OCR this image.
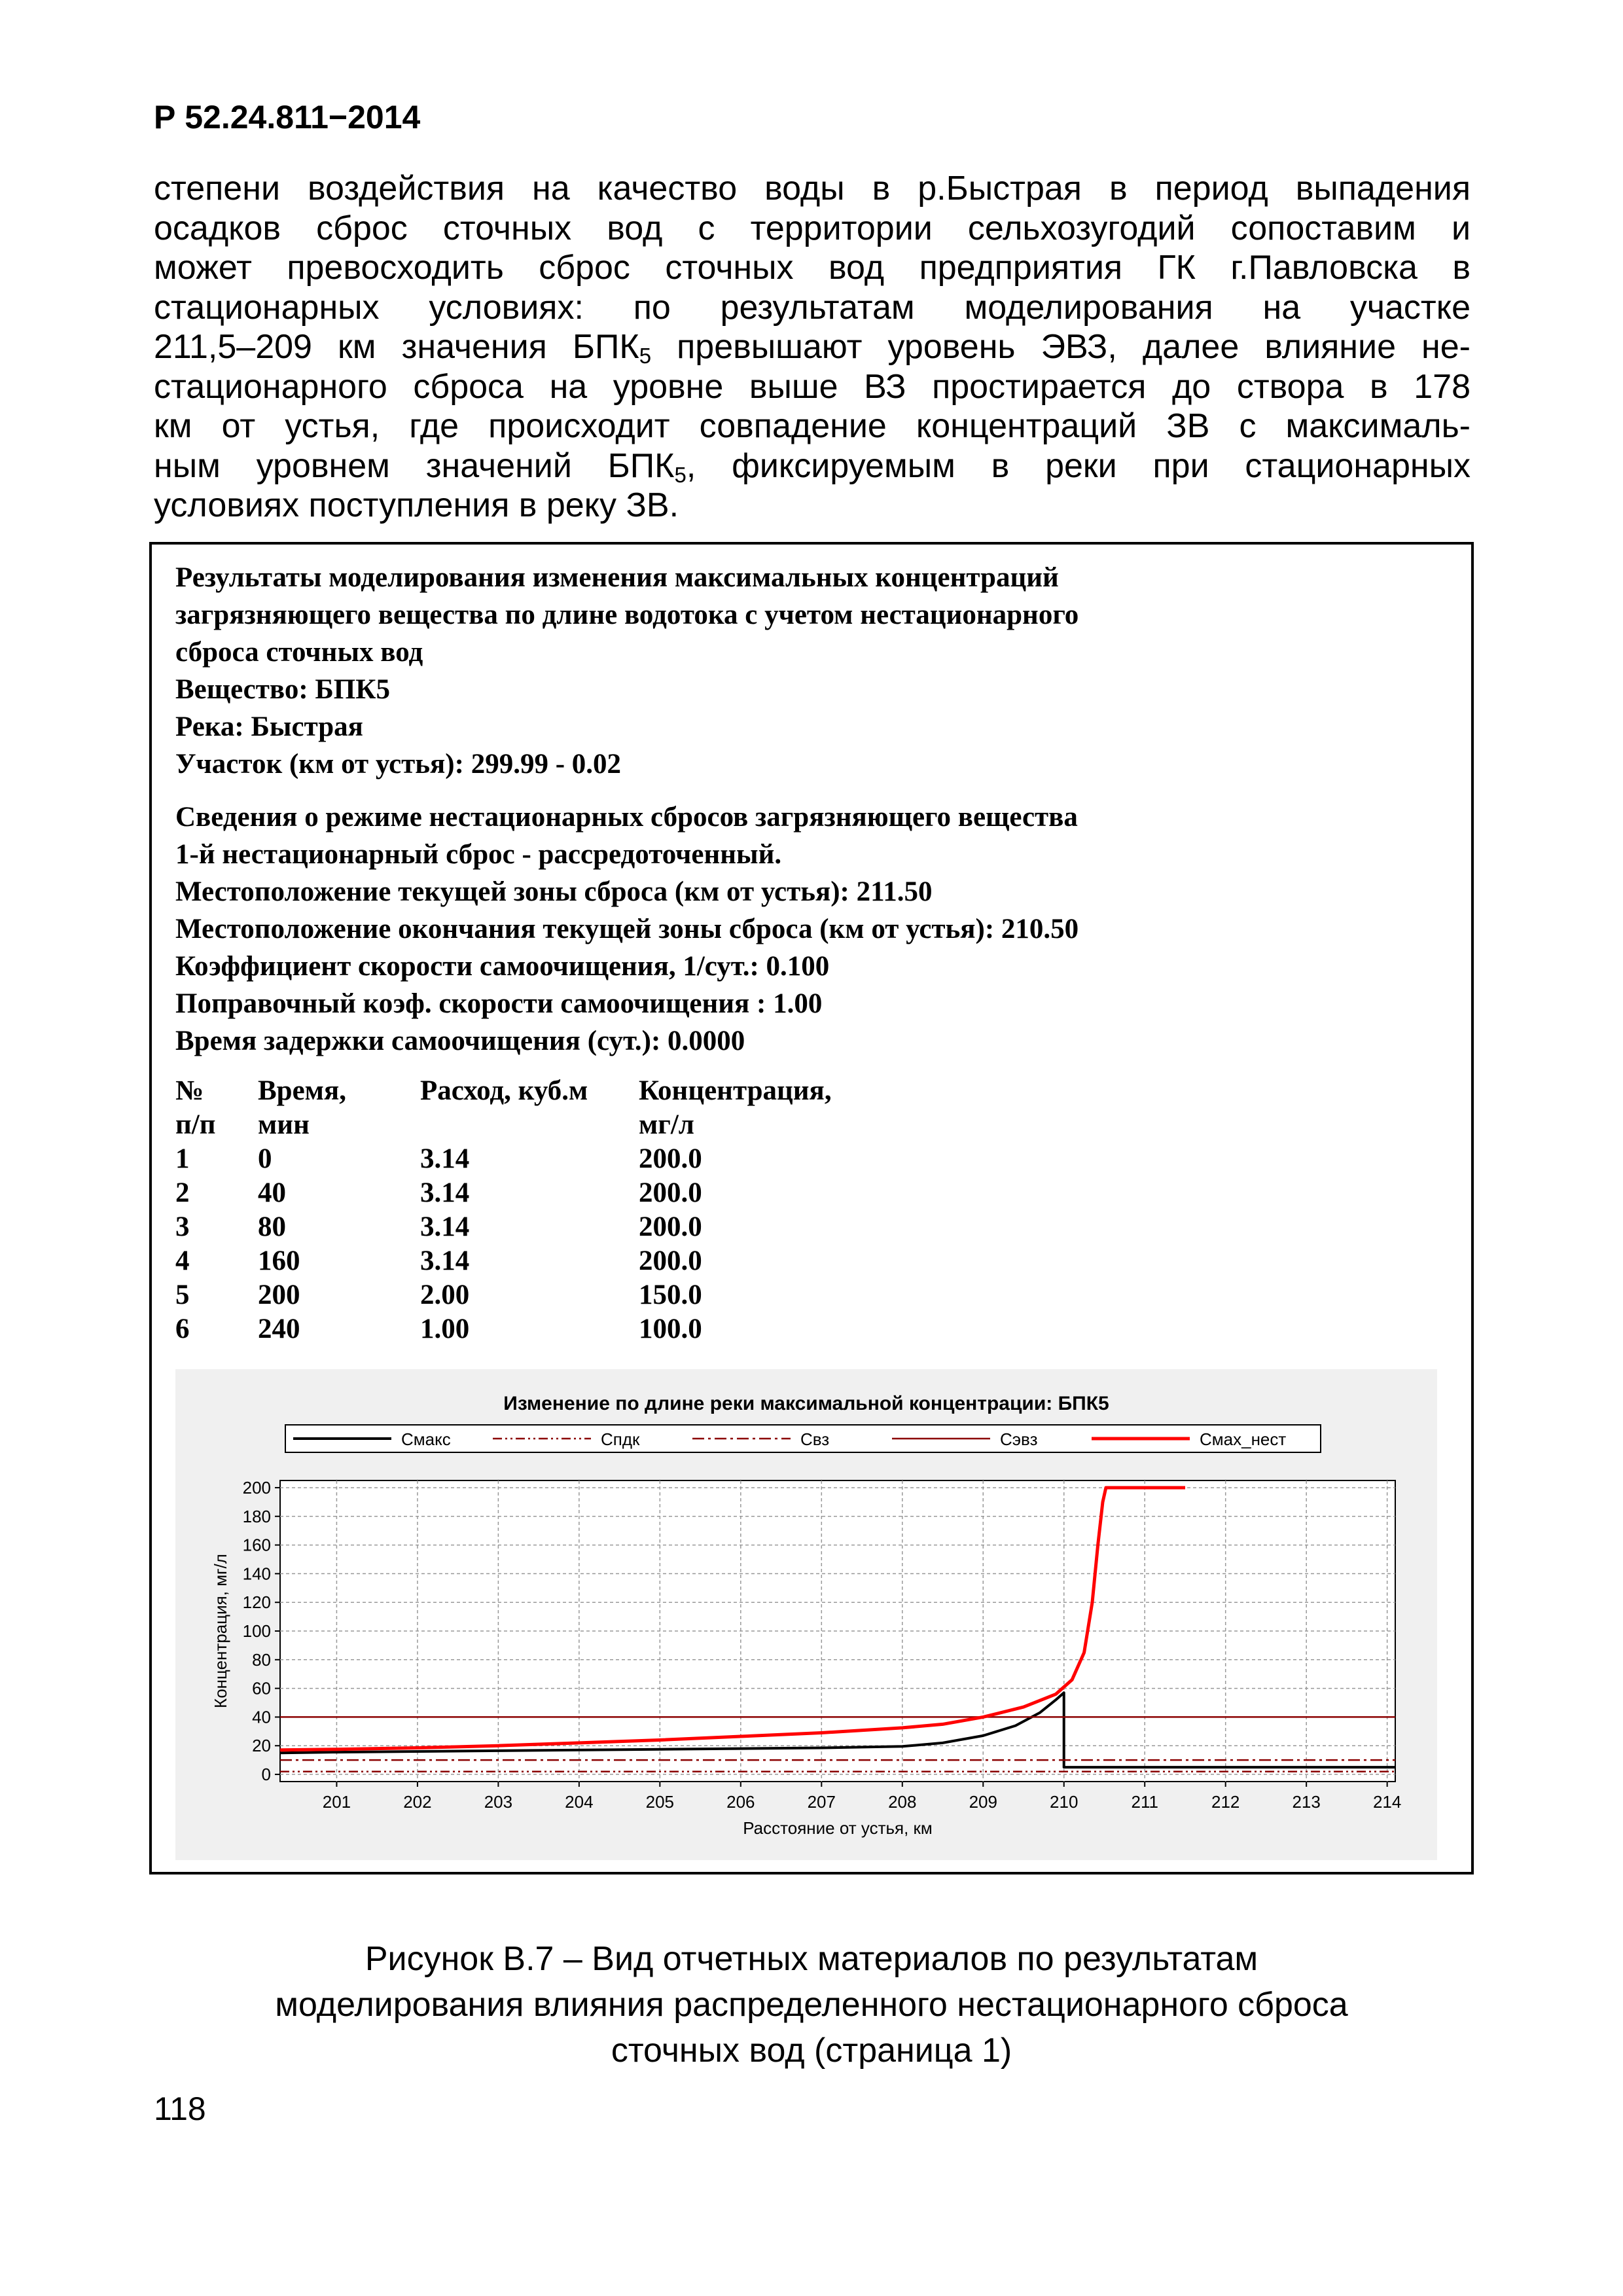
Р 52.24.811−2014
степени воздействия на качество воды в р.Быстрая в период выпадения
осадков сброс сточных вод с территории сельхозугодий сопоставим и
может превосходить сброс сточных вод предприятия ГК г.Павловска в
стационарных условиях: по результатам моделирования на участке
211,5–209 км значения $БПК_5$ превышают уровень ЭВЗ, далее влияние не-
стационарного сброса на уровне выше ВЗ простирается до створа в 178
км от устья, где происходит совпадение концентраций ЗВ с максималь-
ным уровнем значений $БПК_5$, фиксируемым в реки при стационарных
условиях поступления в реку ЗВ.
Результаты моделирования изменения максимальных концентраций
загрязняющего вещества по длине водотока с учетом нестационарного
сброса сточных вод
Вещество: БПК5
Река: Быстрая
Участок (км от устья): 299.99 - 0.02
Сведения о режиме нестационарных сбросов загрязняющего вещества
1-й нестационарный сброс - рассредоточенный.
Местоположение текущей зоны сброса (км от устья): 211.50
Местоположение окончания текущей зоны сброса (км от устья): 210.50
Коэффициент скорости самоочищения, 1/сут.: 0.100
Поправочный коэф. скорости самоочищения : 1.00
Время задержки самоочищения (сут.): 0.0000
№	Время,	Расход, куб.м	Концентрация,
п/п	мин		мг/л
1	0	3.14	200.0
2	40	3.14	200.0
3	80	3.14	200.0
4	160	3.14	200.0
5	200	2.00	150.0
6	240	1.00	100.0
Изменение по длине реки максимальной концентрации: БПК5
Смакс	Спдк	Свз	Сэвз	Смах_нест
201	202	203	204	205	206	207	208	209	210	211	212	213	214
0
20
40
60
80
100
120
140
160
180
200
Расстояние от устья, км
Концентрация, мг/л
Рисунок В.7 – Вид отчетных материалов по результатам
моделирования влияния распределенного нестационарного сброса
сточных вод (страница 1)
118
